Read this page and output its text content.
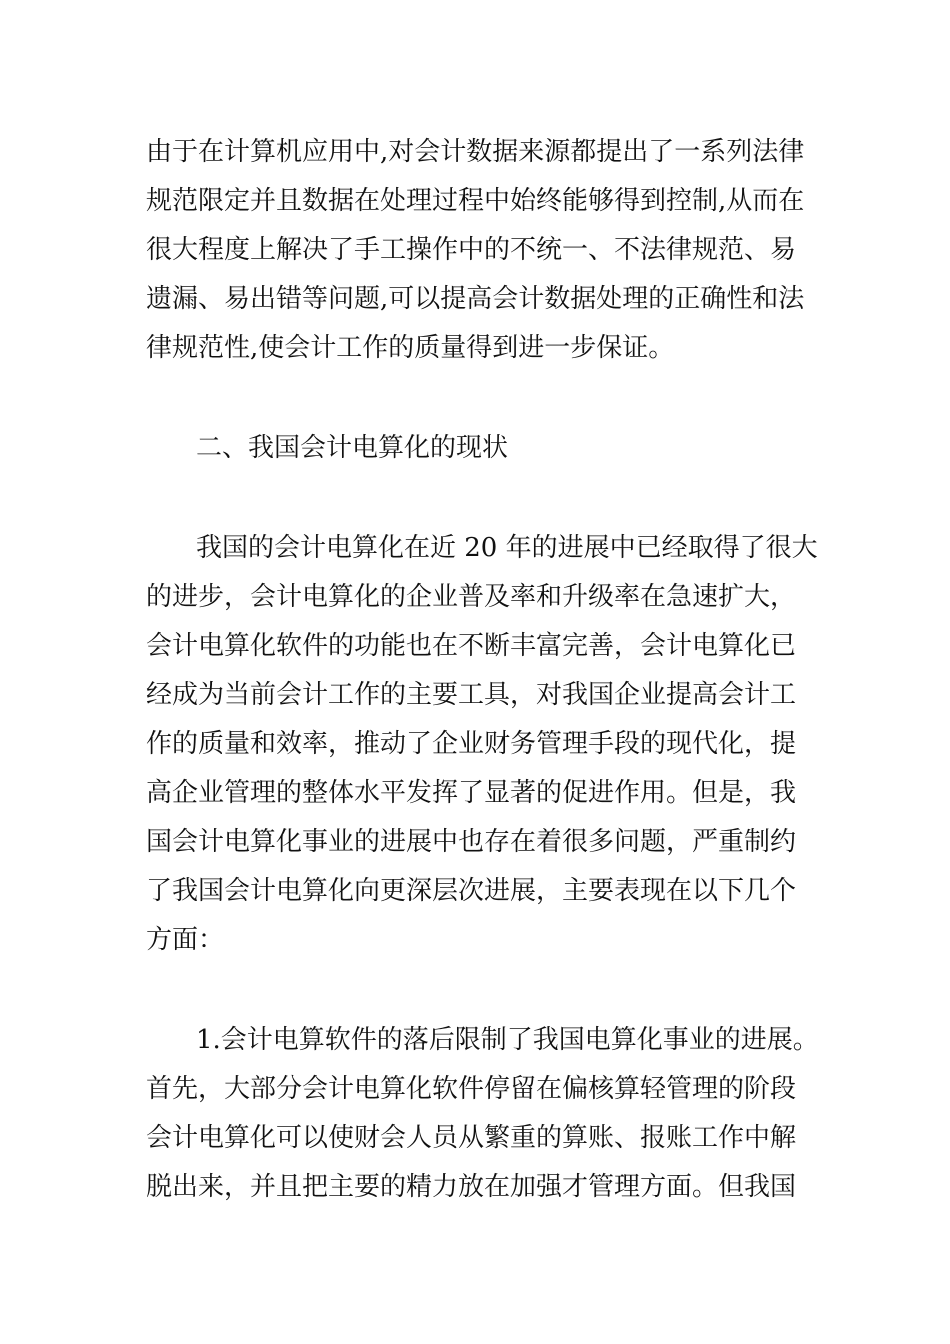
由于在计算机应用中,对会计数据来源都提出了一系列法律
规范限定并且数据在处理过程中始终能够得到控制,从而在
很大程度上解决了手工操作中的不统一、不法律规范、易
遗漏、易出错等问题,可以提高会计数据处理的正确性和法
律规范性,使会计工作的质量得到进一步保证。
二、我国会计电算化的现状
我国的会计电算化在近 20 年的进展中已经取得了很大
的进步，会计电算化的企业普及率和升级率在急速扩大，
会计电算化软件的功能也在不断丰富完善，会计电算化已
经成为当前会计工作的主要工具，对我国企业提高会计工
作的质量和效率，推动了企业财务管理手段的现代化，提
高企业管理的整体水平发挥了显著的促进作用。但是，我
国会计电算化事业的进展中也存在着很多问题，严重制约
了我国会计电算化向更深层次进展，主要表现在以下几个
方面：
1.会计电算软件的落后限制了我国电算化事业的进展。
首先，大部分会计电算化软件停留在偏核算轻管理的阶段
会计电算化可以使财会人员从繁重的算账、报账工作中解
脱出来，并且把主要的精力放在加强才管理方面。但我国
